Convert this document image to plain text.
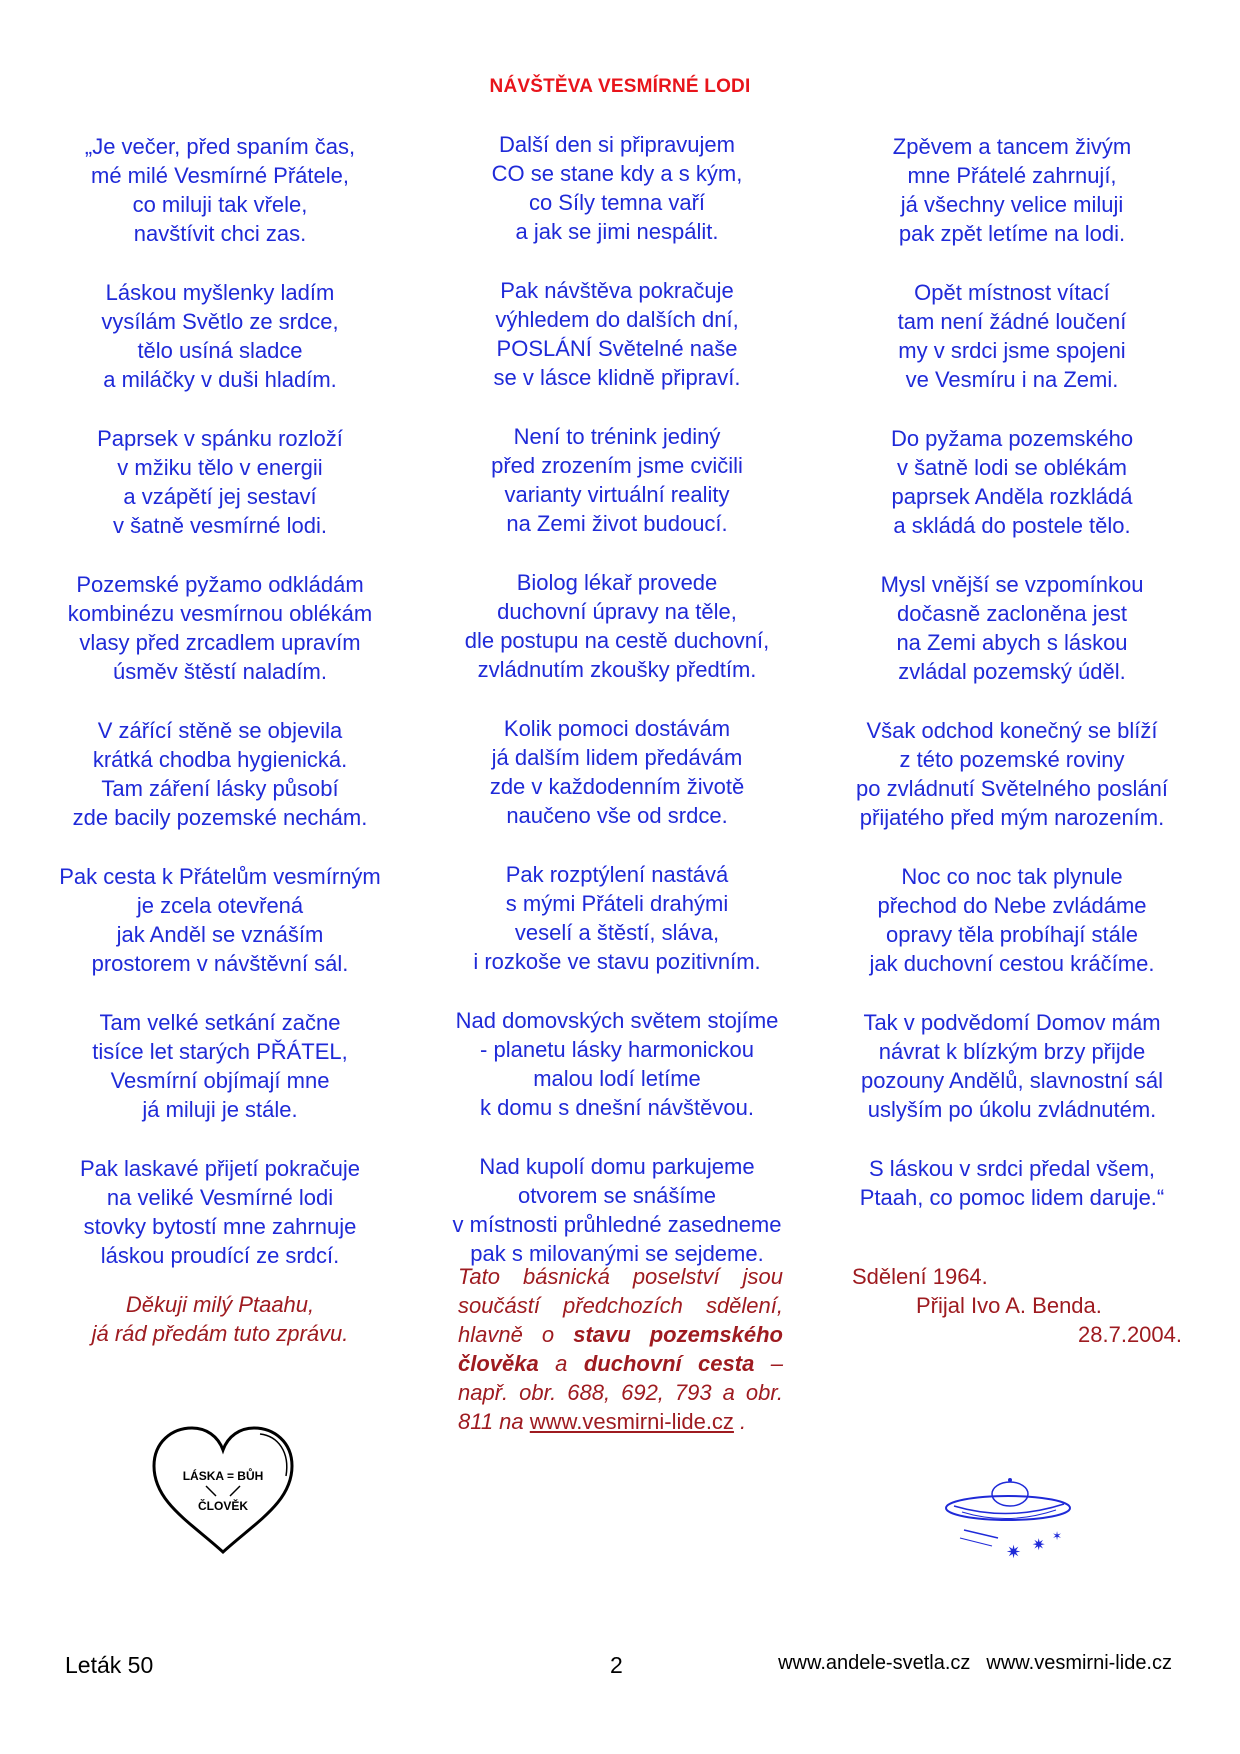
NÁVŠTĚVA VESMÍRNÉ LODI
„Je večer, před spaním čas,
mé milé Vesmírné Přátele,
co miluji tak vřele,
navštívit chci zas.
Láskou myšlenky ladím
vysílám Světlo ze srdce,
tělo usíná sladce
a miláčky v duši hladím.
Paprsek v spánku rozloží
v mžiku tělo v energii
a vzápětí jej sestaví
v šatně vesmírné lodi.
Pozemské pyžamo odkládám
kombinézu vesmírnou oblékám
vlasy před zrcadlem upravím
úsměv štěstí naladím.
V zářící stěně se objevila
krátká chodba hygienická.
Tam záření lásky působí
zde bacily pozemské nechám.
Pak cesta k Přátelům vesmírným
je zcela otevřená
jak Anděl se vznáším
prostorem v návštěvní sál.
Tam velké setkání začne
tisíce let starých PŘÁTEL,
Vesmírní objímají mne
já miluji je stále.
Pak laskavé přijetí pokračuje
na veliké Vesmírné lodi
stovky bytostí mne zahrnuje
láskou proudící ze srdcí.
Další den si připravujem
CO se stane kdy a s kým,
co Síly temna vaří
a jak se jimi nespálit.
Pak návštěva pokračuje
výhledem do dalších dní,
POSLÁNÍ Světelné naše
se v lásce klidně připraví.
Není to trénink jediný
před zrozením jsme cvičili
varianty virtuální reality
na Zemi život budoucí.
Biolog lékař provede
duchovní úpravy na těle,
dle postupu na cestě duchovní,
zvládnutím zkoušky předtím.
Kolik pomoci dostávám
já dalším lidem předávám
zde v každodenním životě
naučeno vše od srdce.
Pak rozptýlení nastává
s mými Přáteli drahými
veselí a štěstí, sláva,
i rozkoše ve stavu pozitivním.
Nad domovských světem stojíme
- planetu lásky harmonickou
malou lodí letíme
k domu s dnešní návštěvou.
Nad kupolí domu parkujeme
otvorem se snášíme
v místnosti průhledné zasedneme
pak s milovanými se sejdeme.
Zpěvem a tancem živým
mne Přátelé zahrnují,
já všechny velice miluji
pak zpět letíme na lodi.
Opět místnost vítací
tam není žádné loučení
my v srdci jsme spojeni
ve Vesmíru i na Zemi.
Do pyžama pozemského
v šatně lodi se oblékám
paprsek Anděla rozkládá
a skládá do postele tělo.
Mysl vnější se vzpomínkou
dočasně zacloněna jest
na Zemi abych s láskou
zvládal pozemský úděl.
Však odchod konečný se blíží
z této pozemské roviny
po zvládnutí Světelného poslání
přijatého před mým narozením.
Noc co noc tak plynule
přechod do Nebe zvládáme
opravy těla probíhají stále
jak duchovní cestou kráčíme.
Tak v podvědomí Domov mám
návrat k blízkým brzy přijde
pozouny Andělů, slavnostní sál
uslyším po úkolu zvládnutém.
S láskou v srdci předal všem,
Ptaah, co pomoc lidem daruje.“
Děkuji milý Ptaahu,
já rád předám tuto zprávu.
Tato básnická poselství jsou součástí předchozích sdělení, hlavně o stavu pozemského člověka a duchovní cesta – např. obr. 688, 692, 793 a obr. 811 na www.vesmirni-lide.cz .
Sdělení 1964.
Přijal Ivo A. Benda.
28.7.2004.
LÁSKA = BŮH
ČLOVĚK
✷ ✷
✶
Leták 50	2	www.andele-svetla.cz www.vesmirni-lide.cz
